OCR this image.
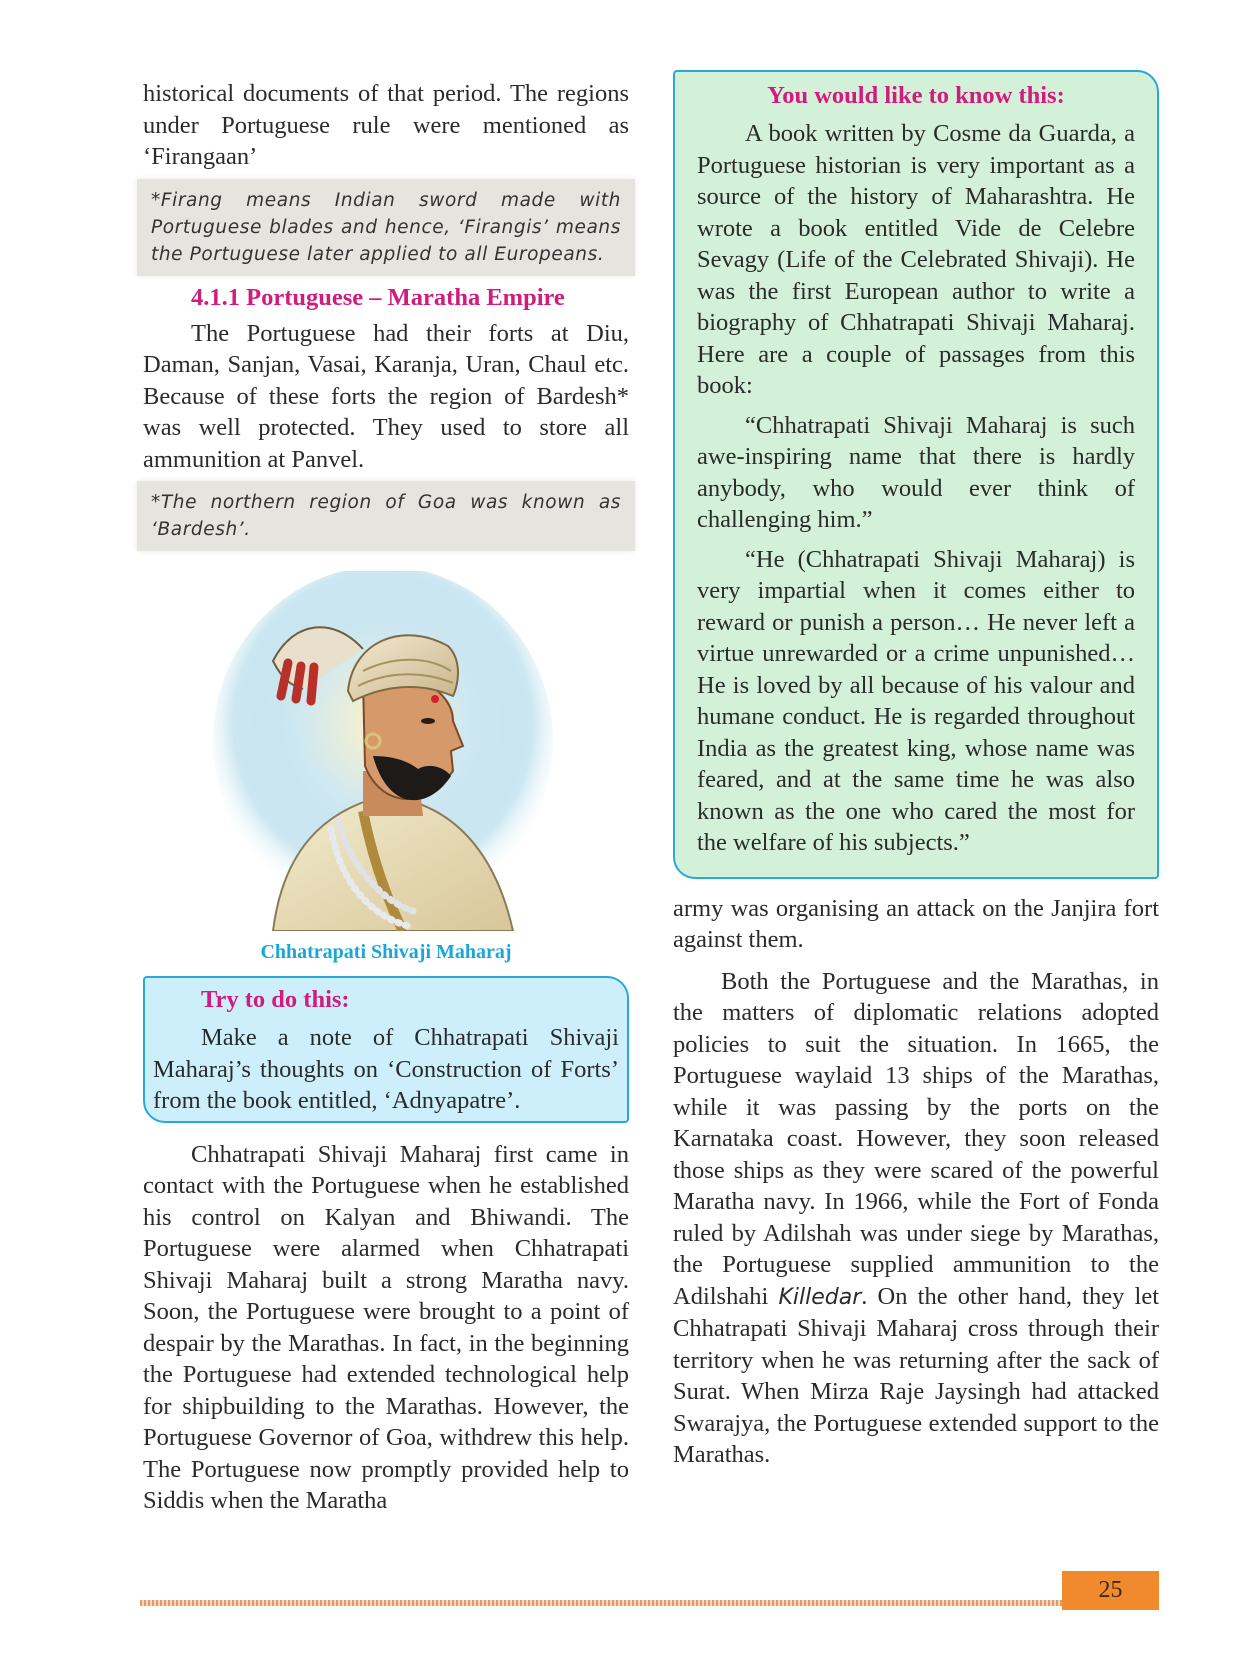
historical documents of that period. The regions under Portuguese rule were mentioned as ‘Firangaan’

*Firang means Indian sword made with Portuguese blades and hence, ‘Firangis’ means the Portuguese later applied to all Europeans.
4.1.1 Portuguese – Maratha Empire

The Portuguese had their forts at Diu, Daman, Sanjan, Vasai, Karanja, Uran, Chaul etc. Because of these forts the region of Bardesh* was well protected. They used to store all ammunition at Panvel.

*The northern region of Goa was known as ‘Bardesh’.
Chhatrapati Shivaji Maharaj
Try to do this:

Make a note of Chhatrapati Shivaji Maharaj’s thoughts on ‘Construction of Forts’ from the book entitled, ‘Adnyapatre’.

Chhatrapati Shivaji Maharaj first came in contact with the Portuguese when he established his control on Kalyan and Bhiwandi. The Portuguese were alarmed when Chhatrapati Shivaji Maharaj built a strong Maratha navy. Soon, the Portuguese were brought to a point of despair by the Marathas. In fact, in the beginning the Portuguese had extended technological help for shipbuilding to the Marathas. However, the Portuguese Governor of Goa, withdrew this help. The Portuguese now promptly provided help to Siddis when the Maratha

You would like to know this:

A book written by Cosme da Guarda, a Portuguese historian is very important as a source of the history of Maharashtra. He wrote a book entitled Vide de Celebre Sevagy (Life of the Celebrated Shivaji). He was the first European author to write a biography of Chhatrapati Shivaji Maharaj. Here are a couple of passages from this book:

“Chhatrapati Shivaji Maharaj is such awe-inspiring name that there is hardly anybody, who would ever think of challenging him.”

“He (Chhatrapati Shivaji Maharaj) is very impartial when it comes either to reward or punish a person… He never left a virtue unrewarded or a crime unpunished… He is loved by all because of his valour and humane conduct. He is regarded throughout India as the greatest king, whose name was feared, and at the same time he was also known as the one who cared the most for the welfare of his subjects.”

army was organising an attack on the Janjira fort against them.

Both the Portuguese and the Marathas, in the matters of diplomatic relations adopted policies to suit the situation. In 1665, the Portuguese waylaid 13 ships of the Marathas, while it was passing by the ports on the Karnataka coast. However, they soon released those ships as they were scared of the powerful Maratha navy. In 1966, while the Fort of Fonda ruled by Adilshah was under siege by Marathas, the Portuguese supplied ammunition to the Adilshahi Killedar. On the other hand, they let Chhatrapati Shivaji Maharaj cross through their territory when he was returning after the sack of Surat. When Mirza Raje Jaysingh had attacked Swarajya, the Portuguese extended support to the Marathas.

25
